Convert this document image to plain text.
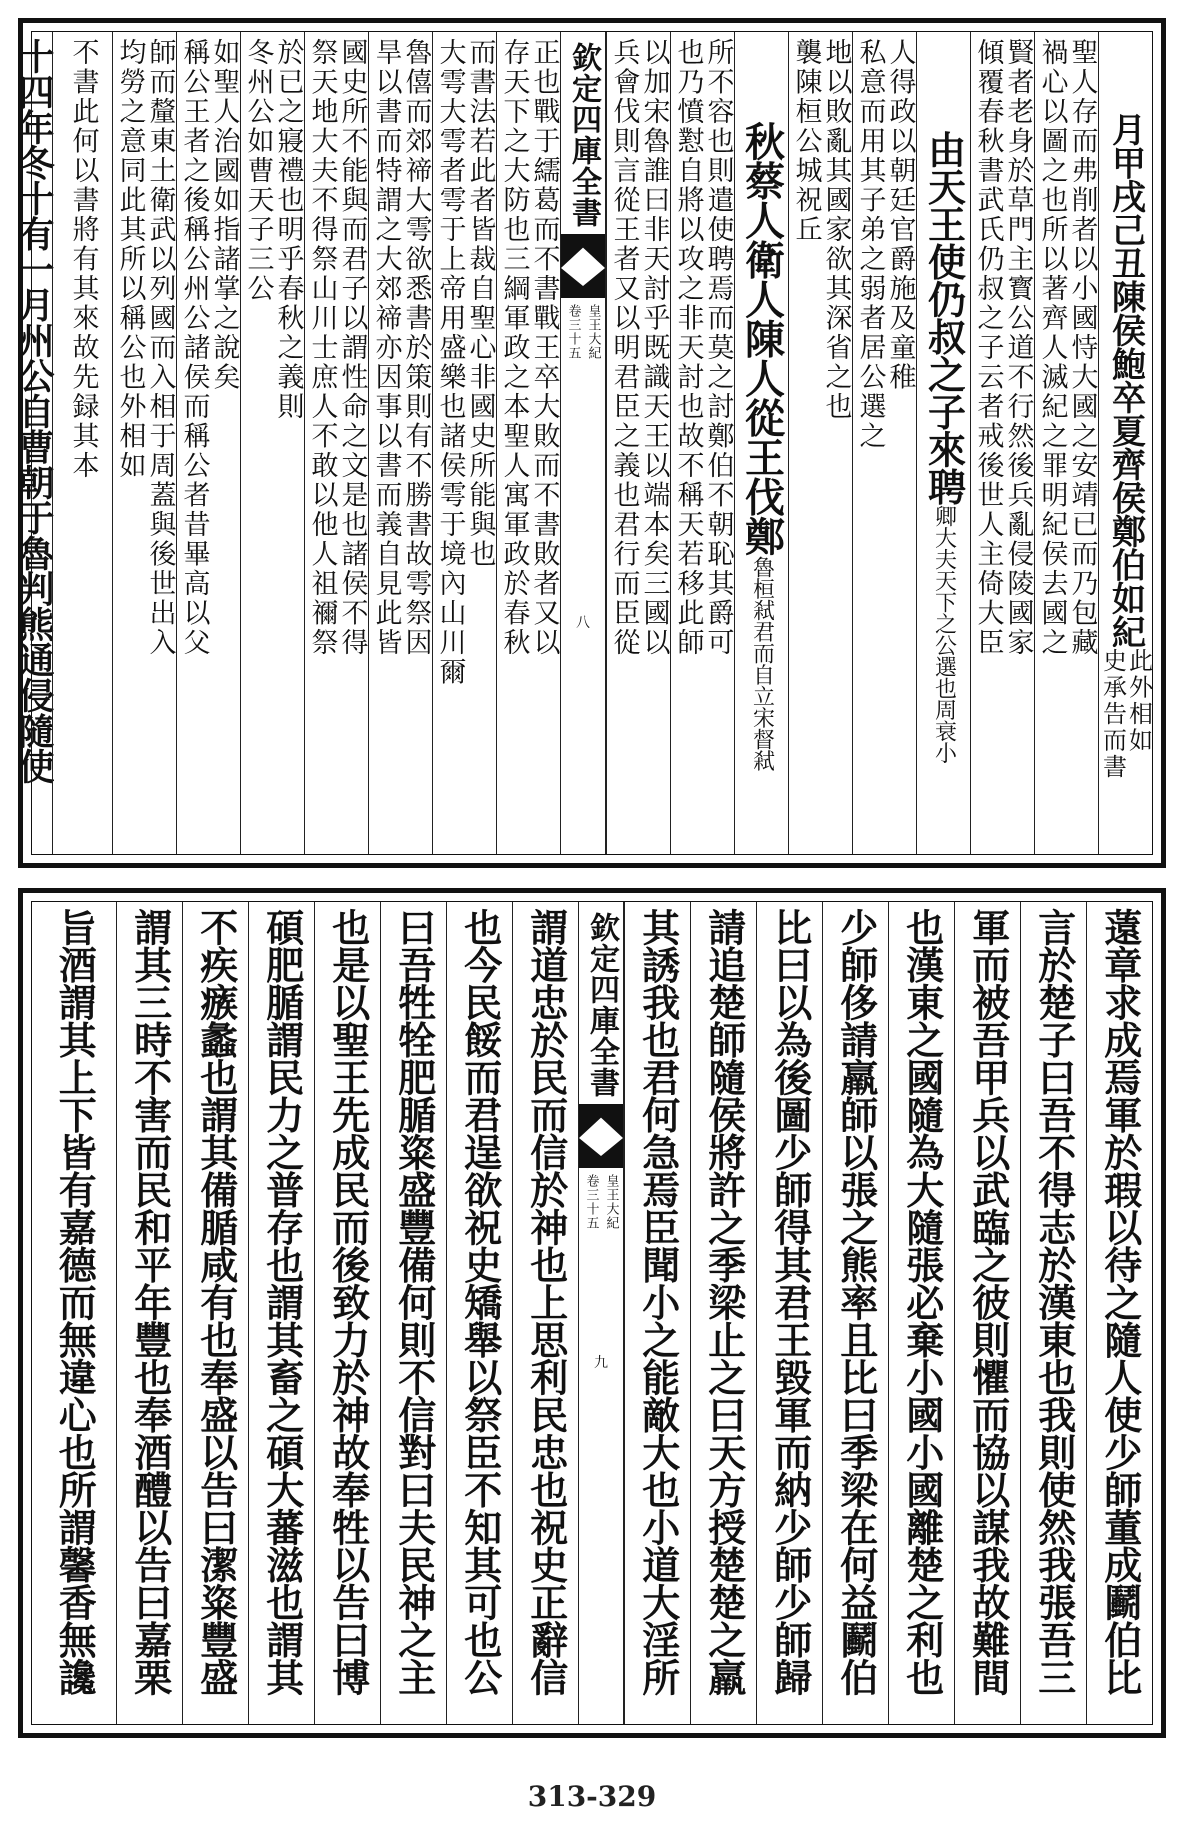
月甲戌己丑陳侯鮑卒夏齊侯鄭伯如紀
此外相如
史承告而書
聖人存而弗削者以小國恃大國之安靖已而乃包藏
禍心以圖之也所以著齊人滅紀之罪明紀侯去國之
賢者老身於草門主寳公道不行然後兵亂侵陵國家
傾覆春秋書武氏仍叔之子云者戒後世人主倚大臣
由天王使仍叔之子來聘
卿大夫天下之公選也周衰小
人得政以朝廷官爵施及童稚
私意而用其子弟之弱者居公選之
地以敗亂其國家欲其深省之也
襲陳桓公城祝丘
秋蔡人衛人陳人從王伐鄭
魯桓弒君而自立宋督弒
所不容也則遣使聘焉而莫之討鄭伯不朝恥其爵可
也乃憤懟自將以攻之非天討也故不稱天若移此師
以加宋魯誰曰非天討乎既識天王以端本矣三國以
兵會伐則言從王者又以明君臣之義也君行而臣從
欽定四庫全書
皇王大紀
卷三十五
八
正也戰于繻葛而不書戰王卒大敗而不書敗者又以
存天下之大防也三綱軍政之本聖人寓軍政於春秋
而書法若此者皆裁自聖心非國史所能與也
大雩大雩者雩于上帝用盛樂也諸侯雩于境內山川爾
魯僖而郊禘大雩欲悉書於策則有不勝書故雩祭因
旱以書而特謂之大郊禘亦因事以書而義自見此皆
國史所不能與而君子以謂性命之文是也諸侯不得
祭天地大夫不得祭山川士庶人不敢以他人祖禰祭
於已之寢禮也明乎春秋之義則
冬州公如曹天子三公
如聖人治國如指諸掌之說矣
稱公王者之後稱公州公諸侯而稱公者昔畢高以父
師而釐東土衛武以列國而入相于周蓋與後世出入
均勞之意同此其所以稱公也外相如
不書此何以書將有其來故先録其本
十四年冬十有一月州公自曹朝于魯判熊通侵隨使
薳章求成焉軍於瑕以待之隨人使少師董成鬬伯比
言於楚子曰吾不得志於漢東也我則使然我張吾三
軍而被吾甲兵以武臨之彼則懼而協以謀我故難間
也漢東之國隨為大隨張必棄小國小國離楚之利也
少師侈請羸師以張之熊率且比曰季梁在何益鬬伯
比曰以為後圖少師得其君王毀軍而納少師少師歸
請追楚師隨侯將許之季梁止之曰天方授楚楚之羸
其誘我也君何急焉臣聞小之能敵大也小道大淫所
欽定四庫全書
皇王大紀
卷三十五
九
謂道忠於民而信於神也上思利民忠也祝史正辭信
也今民餒而君逞欲祝史矯舉以祭臣不知其可也公
曰吾牲牷肥腯粢盛豐備何則不信對曰夫民神之主
也是以聖王先成民而後致力於神故奉牲以告曰博
碩肥腯謂民力之普存也謂其畜之碩大蕃滋也謂其
不疾瘯蠡也謂其備腯咸有也奉盛以告曰潔粢豐盛
謂其三時不害而民和平年豐也奉酒醴以告曰嘉栗
旨酒謂其上下皆有嘉德而無違心也所謂馨香無讒
313-329
